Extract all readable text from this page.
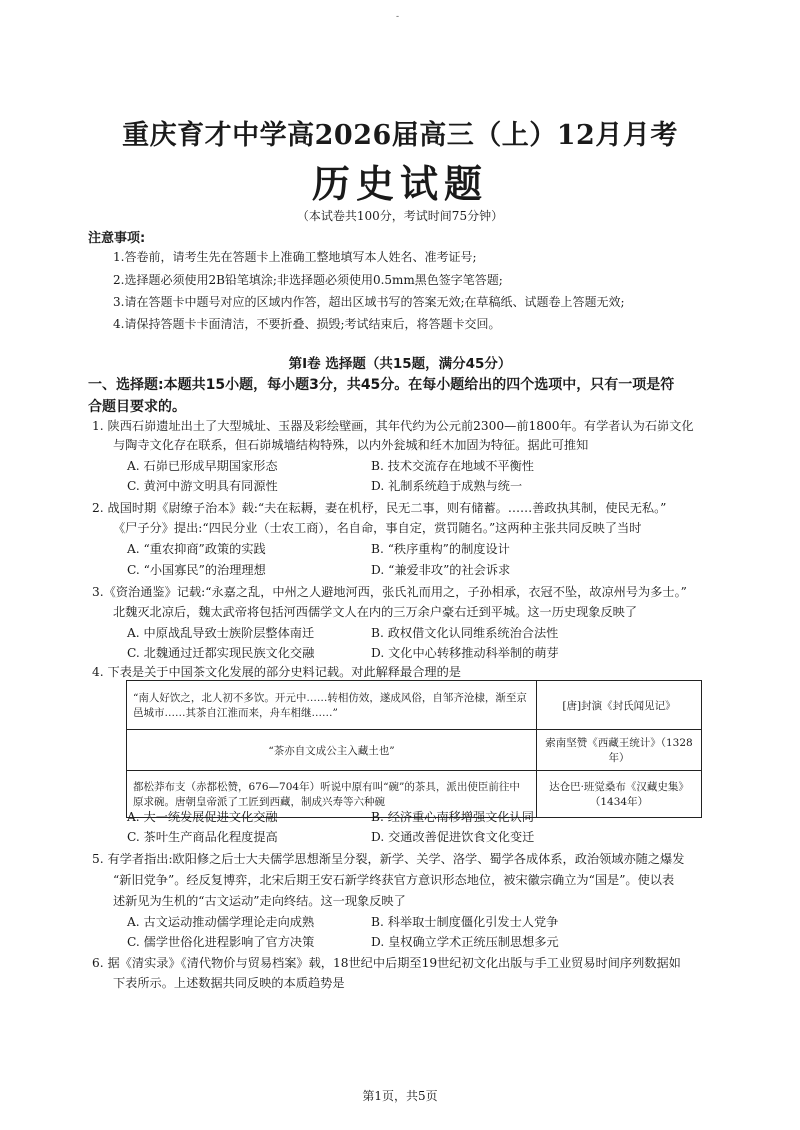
-
重庆育才中学高2026届高三（上）12月月考
历史试题
（本试卷共100分，考试时间75分钟）
注意事项:
1.答卷前，请考生先在答题卡上准确工整地填写本人姓名、准考证号;
2.选择题必须使用2B铅笔填涂;非选择题必须使用0.5mm黑色签字笔答题;
3.请在答题卡中题号对应的区域内作答，超出区域书写的答案无效;在草稿纸、试题卷上答题无效;
4.请保持答题卡卡面清洁，不要折叠、损毁;考试结束后，将答题卡交回。
第Ⅰ卷 选择题（共15题，满分45分）
一、选择题:本题共15小题，每小题3分，共45分。在每小题给出的四个选项中，只有一项是符
合题目要求的。
1. 陕西石峁遗址出土了大型城址、玉器及彩绘壁画，其年代约为公元前2300—前1800年。有学者认为石峁文化
与陶寺文化存在联系，但石峁城墙结构特殊，以内外瓮城和纴木加固为特征。据此可推知
A. 石峁已形成早期国家形态	B. 技术交流存在地域不平衡性
C. 黄河中游文明具有同源性	D. 礼制系统趋于成熟与统一
2. 战国时期《尉缭子治本》载:“夫在耘耨，妻在机杼，民无二事，则有储蓄。……善政执其制，使民无私。”
《尸子分》提出:“四民分业（士农工商），名自命，事自定，赏罚随名。”这两种主张共同反映了当时
A. “重农抑商”政策的实践	B. “秩序重构”的制度设计
C. “小国寡民”的治理理想	D. “兼爱非攻”的社会诉求
3.《资治通鉴》记载:“永嘉之乱，中州之人避地河西，张氏礼而用之，子孙相承，衣冠不坠，故凉州号为多士。”
北魏灭北凉后，魏太武帝将包括河西儒学文人在内的三万余户豪右迁到平城。这一历史现象反映了
A. 中原战乱导致士族阶层整体南迁	B. 政权借文化认同维系统治合法性
C. 北魏通过迁都实现民族文化交融	D. 文化中心转移推动科举制的萌芽
4. 下表是关于中国茶文化发展的部分史料记载。对此解释最合理的是
“南人好饮之，北人初不多饮。开元中……转相仿效，遂成风俗，自邹齐沧棣，渐至京邑城市……其茶自江淮而来，舟车相继……”	[唐]封演《封氏闻见记》
“茶亦自文成公主入藏土也”	索南坚赞《西藏王统计》（1328年）
都松莽布支（赤都松赞，676—704年）听说中原有叫“碗”的茶具，派出使臣前往中原求碗。唐朝皇帝派了工匠到西藏，制成兴寿等六种碗	达仓巴·班觉桑布《汉藏史集》（1434年）
A. 大一统发展促进文化交融	B. 经济重心南移增强文化认同
C. 茶叶生产商品化程度提高	D. 交通改善促进饮食文化变迁
5. 有学者指出:欧阳修之后士大夫儒学思想渐呈分裂，新学、关学、洛学、蜀学各成体系，政治领域亦随之爆发
“新旧党争”。经反复博弈，北宋后期王安石新学终获官方意识形态地位，被宋徽宗确立为“国是”。使以表
述新见为生机的“古文运动”走向终结。这一现象反映了
A. 古文运动推动儒学理论走向成熟	B. 科举取士制度僵化引发士人党争
C. 儒学世俗化进程影响了官方决策	D. 皇权确立学术正统压制思想多元
6. 据《清实录》《清代物价与贸易档案》载，18世纪中后期至19世纪初文化出版与手工业贸易时间序列数据如
下表所示。上述数据共同反映的本质趋势是
第1页，共5页
